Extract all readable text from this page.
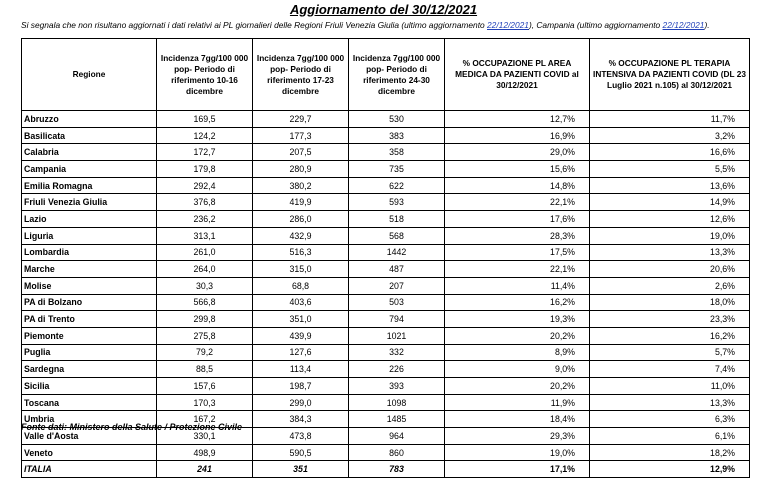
Aggiornamento del 30/12/2021
Si segnala che non risultano aggiornati i dati relativi ai PL giornalieri delle Regioni Friuli Venezia Giulia (ultimo aggiornamento 22/12/2021), Campania (ultimo aggiornamento 22/12/2021).
Regione	Incidenza 7gg/100 000 pop- Periodo di riferimento 10-16 dicembre	Incidenza 7gg/100 000 pop- Periodo di riferimento 17-23 dicembre	Incidenza 7gg/100 000 pop- Periodo di riferimento 24-30 dicembre	% OCCUPAZIONE PL AREA MEDICA DA PAZIENTI COVID al 30/12/2021	% OCCUPAZIONE PL TERAPIA INTENSIVA DA PAZIENTI COVID (DL 23 Luglio 2021 n.105) al 30/12/2021
Abruzzo	169,5	229,7	530	12,7%	11,7%
Basilicata	124,2	177,3	383	16,9%	3,2%
Calabria	172,7	207,5	358	29,0%	16,6%
Campania	179,8	280,9	735	15,6%	5,5%
Emilia Romagna	292,4	380,2	622	14,8%	13,6%
Friuli Venezia Giulia	376,8	419,9	593	22,1%	14,9%
Lazio	236,2	286,0	518	17,6%	12,6%
Liguria	313,1	432,9	568	28,3%	19,0%
Lombardia	261,0	516,3	1442	17,5%	13,3%
Marche	264,0	315,0	487	22,1%	20,6%
Molise	30,3	68,8	207	11,4%	2,6%
PA di Bolzano	566,8	403,6	503	16,2%	18,0%
PA di Trento	299,8	351,0	794	19,3%	23,3%
Piemonte	275,8	439,9	1021	20,2%	16,2%
Puglia	79,2	127,6	332	8,9%	5,7%
Sardegna	88,5	113,4	226	9,0%	7,4%
Sicilia	157,6	198,7	393	20,2%	11,0%
Toscana	170,3	299,0	1098	11,9%	13,3%
Umbria	167,2	384,3	1485	18,4%	6,3%
Valle d'Aosta	330,1	473,8	964	29,3%	6,1%
Veneto	498,9	590,5	860	19,0%	18,2%
ITALIA	241	351	783	17,1%	12,9%
Fonte dati: Ministero della Salute / Protezione Civile
